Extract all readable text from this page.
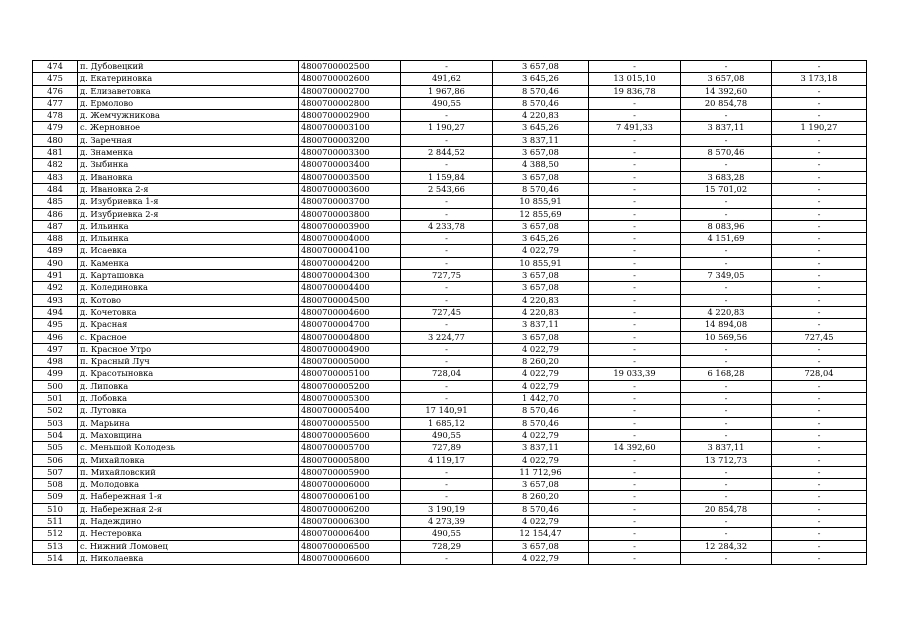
474	п. Дубовецкий	4800700002500	-	3 657,08	-	-	-
475	д. Екатериновка	4800700002600	491,62	3 645,26	13 015,10	3 657,08	3 173,18
476	д. Елизаветовка	4800700002700	1 967,86	8 570,46	19 836,78	14 392,60	-
477	д. Ермолово	4800700002800	490,55	8 570,46	-	20 854,78	-
478	д. Жемчужникова	4800700002900	-	4 220,83	-	-	-
479	с. Жерновное	4800700003100	1 190,27	3 645,26	7 491,33	3 837,11	1 190,27
480	д. Заречная	4800700003200	-	3 837,11	-	-	-
481	д. Знаменка	4800700003300	2 844,52	3 657,08	-	8 570,46	-
482	д. Зыбинка	4800700003400	-	4 388,50	-	-	-
483	д. Ивановка	4800700003500	1 159,84	3 657,08	-	3 683,28	-
484	д. Ивановка 2-я	4800700003600	2 543,66	8 570,46	-	15 701,02	-
485	д. Изубриевка 1-я	4800700003700	-	10 855,91	-	-	-
486	д. Изубриевка 2-я	4800700003800	-	12 855,69	-	-	-
487	д. Ильинка	4800700003900	4 233,78	3 657,08	-	8 083,96	-
488	д. Ильинка	4800700004000	-	3 645,26	-	4 151,69	-
489	д. Исаевка	4800700004100	-	4 022,79	-	-	-
490	д. Каменка	4800700004200	-	10 855,91	-	-	-
491	д. Карташовка	4800700004300	727,75	3 657,08	-	7 349,05	-
492	д. Колединовка	4800700004400	-	3 657,08	-	-	-
493	д. Котово	4800700004500	-	4 220,83	-	-	-
494	д. Кочетовка	4800700004600	727,45	4 220,83	-	4 220,83	-
495	д. Красная	4800700004700	-	3 837,11	-	14 894,08	-
496	с. Красное	4800700004800	3 224,77	3 657,08	-	10 569,56	727,45
497	п. Красное Утро	4800700004900	-	4 022,79	-	-	-
498	п. Красный Луч	4800700005000	-	8 260,20	-	-	-
499	д. Красотыновка	4800700005100	728,04	4 022,79	19 033,39	6 168,28	728,04
500	д. Липовка	4800700005200	-	4 022,79	-	-	-
501	д. Лобовка	4800700005300	-	1 442,70	-	-	-
502	д. Лутовка	4800700005400	17 140,91	8 570,46	-	-	-
503	д. Марьина	4800700005500	1 685,12	8 570,46	-	-	-
504	д. Маховщина	4800700005600	490,55	4 022,79	-	-	-
505	с. Меньшой Колодезь	4800700005700	727,89	3 837,11	14 392,60	3 837,11	-
506	д. Михайловка	4800700005800	4 119,17	4 022,79	-	13 712,73	-
507	п. Михайловский	4800700005900	-	11 712,96	-	-	-
508	д. Молодовка	4800700006000	-	3 657,08	-	-	-
509	д. Набережная 1-я	4800700006100	-	8 260,20	-	-	-
510	д. Набережная 2-я	4800700006200	3 190,19	8 570,46	-	20 854,78	-
511	д. Надеждино	4800700006300	4 273,39	4 022,79	-	-	-
512	д. Нестеровка	4800700006400	490,55	12 154,47	-	-	-
513	с. Нижний Ломовец	4800700006500	728,29	3 657,08	-	12 284,32	-
514	д. Николаевка	4800700006600	-	4 022,79	-	-	-
